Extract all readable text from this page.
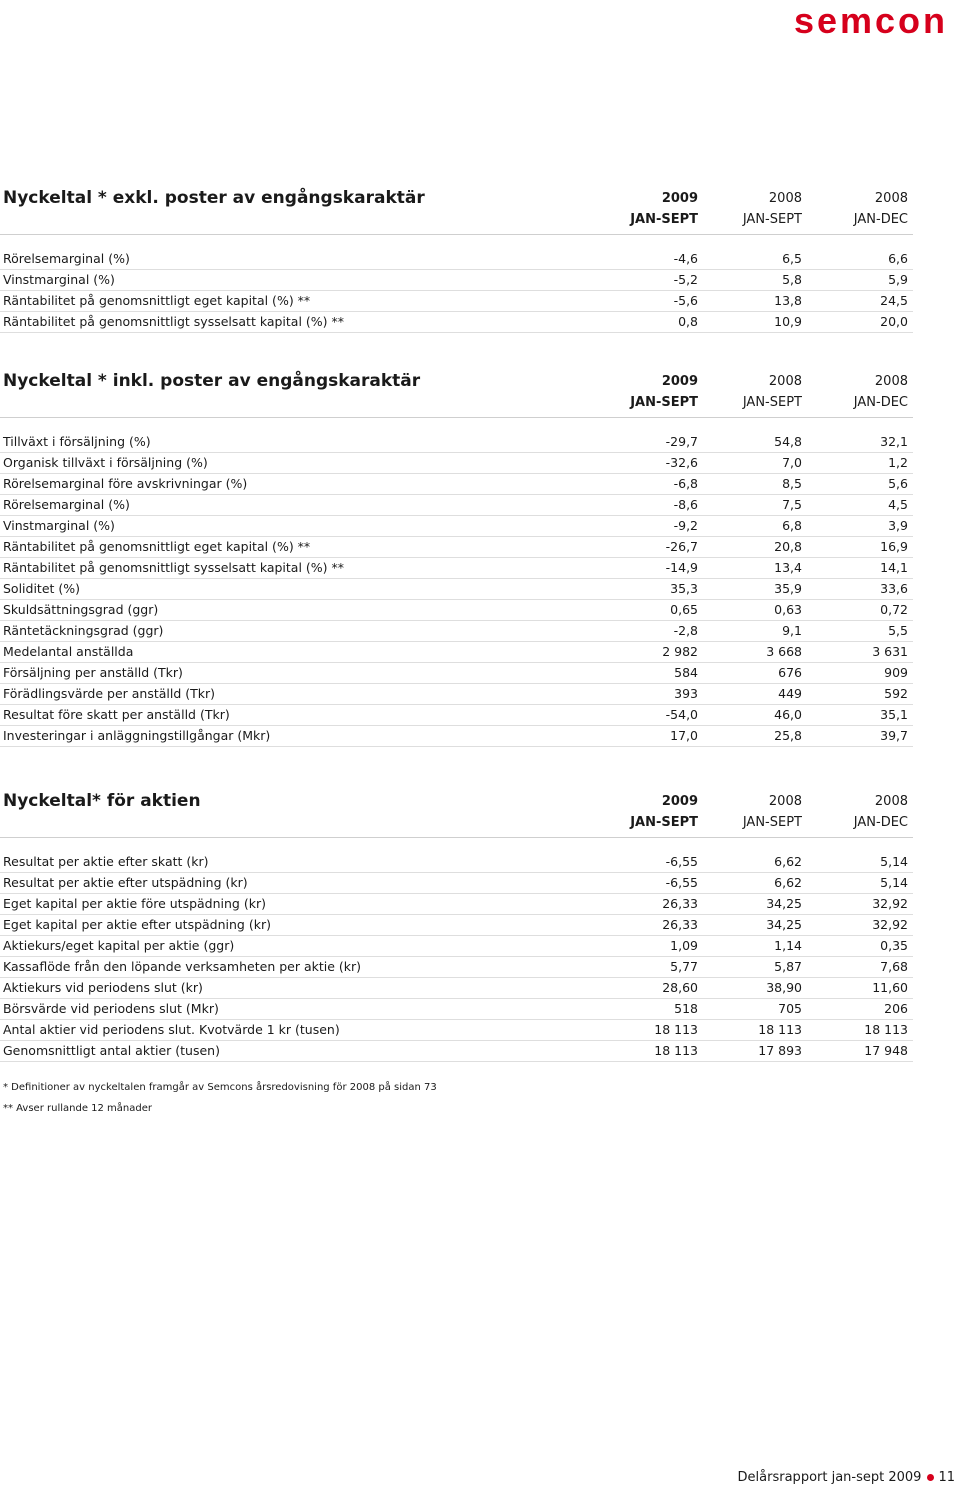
semcon
Nyckeltal * exkl. poster av engångskaraktär	2009	2008	2008
JAN-SEPT	JAN-SEPT	JAN-DEC
Rörelsemarginal (%)	-4,6	6,5	6,6
Vinstmarginal (%)	-5,2	5,8	5,9
Räntabilitet på genomsnittligt eget kapital (%) **	-5,6	13,8	24,5
Räntabilitet på genomsnittligt sysselsatt kapital (%) **	0,8	10,9	20,0
Nyckeltal * inkl. poster av engångskaraktär	2009	2008	2008
JAN-SEPT	JAN-SEPT	JAN-DEC
Tillväxt i försäljning (%)	-29,7	54,8	32,1
Organisk tillväxt i försäljning (%)	-32,6	7,0	1,2
Rörelsemarginal före avskrivningar (%)	-6,8	8,5	5,6
Rörelsemarginal (%)	-8,6	7,5	4,5
Vinstmarginal (%)	-9,2	6,8	3,9
Räntabilitet på genomsnittligt eget kapital (%) **	-26,7	20,8	16,9
Räntabilitet på genomsnittligt sysselsatt kapital (%) **	-14,9	13,4	14,1
Soliditet (%)	35,3	35,9	33,6
Skuldsättningsgrad (ggr)	0,65	0,63	0,72
Räntetäckningsgrad (ggr)	-2,8	9,1	5,5
Medelantal anställda	2 982	3 668	3 631
Försäljning per anställd (Tkr)	584	676	909
Förädlingsvärde per anställd (Tkr)	393	449	592
Resultat före skatt per anställd (Tkr)	-54,0	46,0	35,1
Investeringar i anläggningstillgångar (Mkr)	17,0	25,8	39,7
Nyckeltal* för aktien	2009	2008	2008
JAN-SEPT	JAN-SEPT	JAN-DEC
Resultat per aktie efter skatt (kr)	-6,55	6,62	5,14
Resultat per aktie efter utspädning (kr)	-6,55	6,62	5,14
Eget kapital per aktie före utspädning (kr)	26,33	34,25	32,92
Eget kapital per aktie efter utspädning (kr)	26,33	34,25	32,92
Aktiekurs/eget kapital per aktie (ggr)	1,09	1,14	0,35
Kassaflöde från den löpande verksamheten per aktie (kr)	5,77	5,87	7,68
Aktiekurs vid periodens slut (kr)	28,60	38,90	11,60
Börsvärde vid periodens slut (Mkr)	518	705	206
Antal aktier vid periodens slut. Kvotvärde 1 kr (tusen)	18 113	18 113	18 113
Genomsnittligt antal aktier (tusen)	18 113	17 893	17 948
* Definitioner av nyckeltalen framgår av Semcons årsredovisning för 2008 på sidan 73
** Avser rullande 12 månader
Delårsrapport jan-sept 2009 11
